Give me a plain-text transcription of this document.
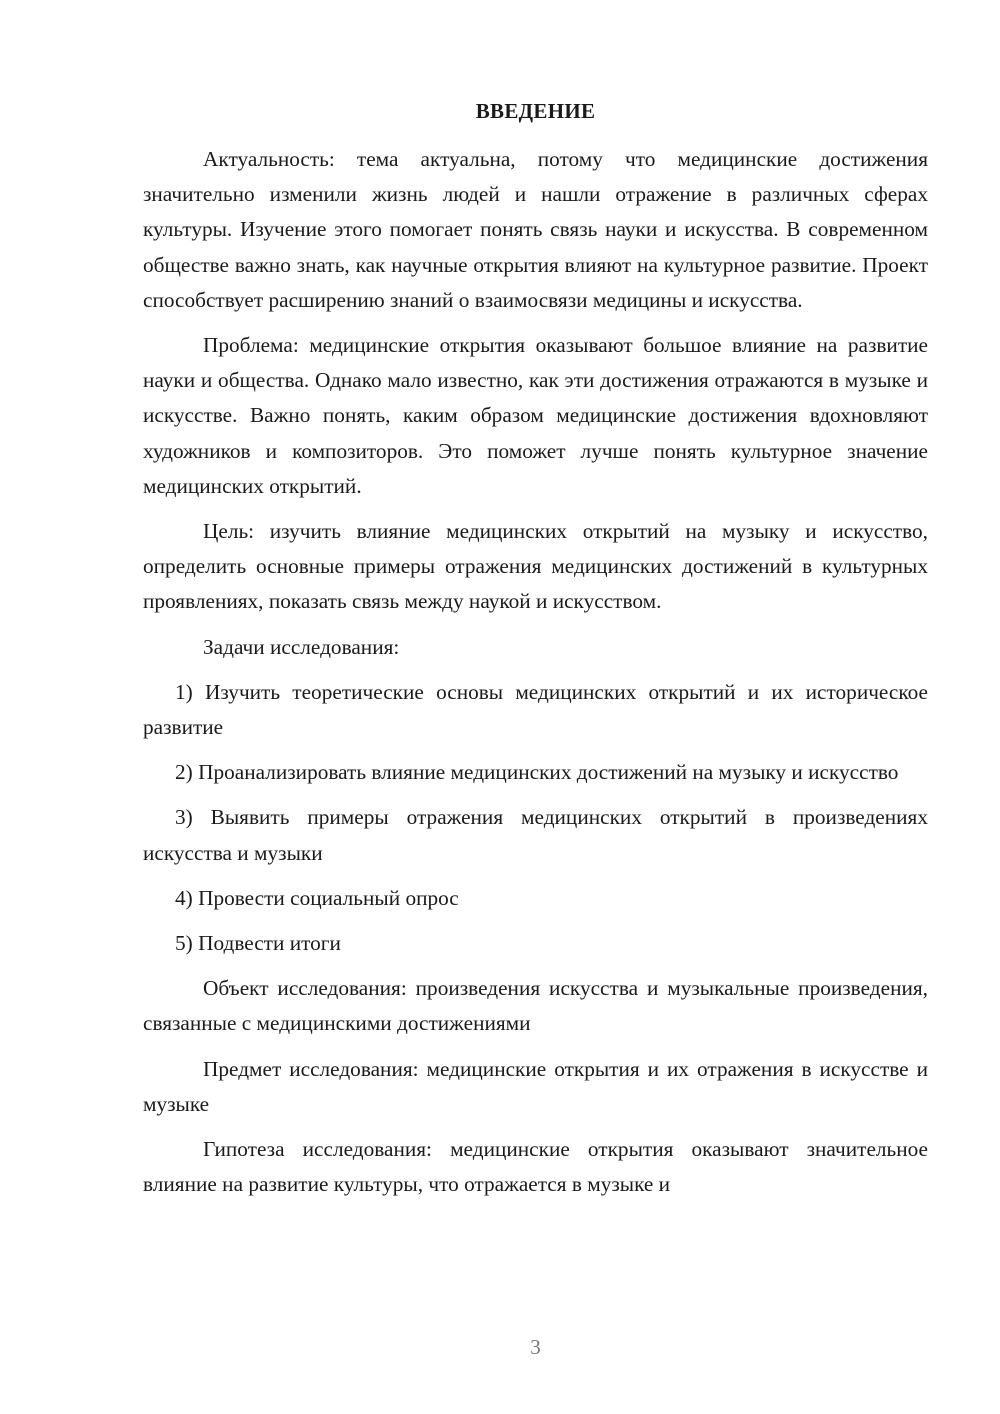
ВВЕДЕНИЕ

Актуальность: тема актуальна, потому что медицинские достижения значительно изменили жизнь людей и нашли отражение в различных сферах культуры. Изучение этого помогает понять связь науки и искусства. В современном обществе важно знать, как научные открытия влияют на культурное развитие. Проект способствует расширению знаний о взаимосвязи медицины и искусства.

Проблема: медицинские открытия оказывают большое влияние на развитие науки и общества. Однако мало известно, как эти достижения отражаются в музыке и искусстве. Важно понять, каким образом медицинские достижения вдохновляют художников и композиторов. Это поможет лучше понять культурное значение медицинских открытий.

Цель: изучить влияние медицинских открытий на музыку и искусство, определить основные примеры отражения медицинских достижений в культурных проявлениях, показать связь между наукой и искусством.

Задачи исследования:

1) Изучить теоретические основы медицинских открытий и их историческое развитие

2) Проанализировать влияние медицинских достижений на музыку и искусство

3) Выявить примеры отражения медицинских открытий в произведениях искусства и музыки

4) Провести социальный опрос

5) Подвести итоги

Объект исследования: произведения искусства и музыкальные произведения, связанные с медицинскими достижениями

Предмет исследования: медицинские открытия и их отражения в искусстве и музыке

Гипотеза исследования: медицинские открытия оказывают значительное влияние на развитие культуры, что отражается в музыке и

3
